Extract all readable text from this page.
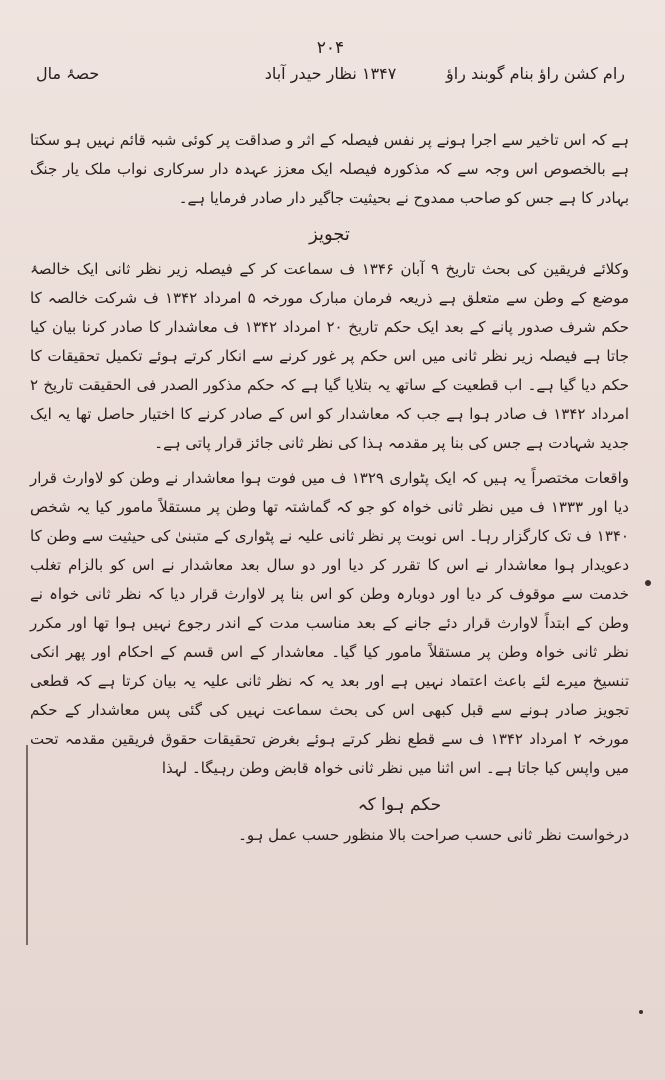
۲۰۴
حصۂ مال	۱۳۴۷ نظار حیدر آباد	رام کشن راؤ بنام گوبند راؤ

ہے کہ اس تاخیر سے اجرا ہونے پر نفس فیصلہ کے اثر و صداقت پر کوئی شبہ قائم نہیں ہو سکتا ہے بالخصوص اس وجہ سے کہ مذکورہ فیصلہ ایک معزز عہدہ دار سرکاری نواب ملک یار جنگ بہادر کا ہے جس کو صاحب ممدوح نے بحیثیت جاگیر دار صادر فرمایا ہے۔

تجویز

وکلائے فریقین کی بحث تاریخ ۹ آبان ۱۳۴۶ ف سماعت کر کے فیصلہ زیر نظر ثانی ایک خالصۂ موضع کے وطن سے متعلق ہے ذریعہ فرمان مبارک مورخہ ۵ امرداد ۱۳۴۲ ف شرکت خالصہ کا حکم شرف صدور پانے کے بعد ایک حکم تاریخ ۲۰ امرداد ۱۳۴۲ ف معاشدار کا صادر کرنا بیان کیا جاتا ہے فیصلہ زیر نظر ثانی میں اس حکم پر غور کرنے سے انکار کرتے ہوئے تکمیل تحقیقات کا حکم دیا گیا ہے۔ اب قطعیت کے ساتھ یہ بتلایا گیا ہے کہ حکم مذکور الصدر فی الحقیقت تاریخ ۲ امرداد ۱۳۴۲ ف صادر ہوا ہے جب کہ معاشدار کو اس کے صادر کرنے کا اختیار حاصل تھا یہ ایک جدید شہادت ہے جس کی بنا پر مقدمہ ہذا کی نظر ثانی جائز قرار پاتی ہے۔

واقعات مختصراً یہ ہیں کہ ایک پٹواری ۱۳۲۹ ف میں فوت ہوا معاشدار نے وطن کو لاوارث قرار دیا اور ۱۳۳۳ ف میں نظر ثانی خواہ کو جو کہ گماشتہ تھا وطن پر مستقلاً مامور کیا یہ شخص ۱۳۴۰ ف تک کارگزار رہا۔ اس نوبت پر نظر ثانی علیہ نے پٹواری کے متبنیٰ کی حیثیت سے وطن کا دعویدار ہوا معاشدار نے اس کا تقرر کر دیا اور دو سال بعد معاشدار نے اس کو بالزام تغلب خدمت سے موقوف کر دیا اور دوبارہ وطن کو اس بنا پر لاوارث قرار دیا کہ نظر ثانی خواہ نے وطن کے ابتداً لاوارث قرار دئے جانے کے بعد مناسب مدت کے اندر رجوع نہیں ہوا تھا اور مکرر نظر ثانی خواہ وطن پر مستقلاً مامور کیا گیا۔ معاشدار کے اس قسم کے احکام اور پھر انکی تنسیخ میرے لئے باعث اعتماد نہیں ہے اور بعد یہ کہ نظر ثانی علیہ یہ بیان کرتا ہے کہ قطعی تجویز صادر ہونے سے قبل کبھی اس کی بحث سماعت نہیں کی گئی پس معاشدار کے حکم مورخہ ۲ امرداد ۱۳۴۲ ف سے قطع نظر کرتے ہوئے بغرض تحقیقات حقوق فریقین مقدمہ تحت میں واپس کیا جاتا ہے۔ اس اثنا میں نظر ثانی خواہ قابض وطن رہیگا۔ لہذا

حکم ہوا کہ
درخواست نظر ثانی حسب صراحت بالا منظور حسب عمل ہو۔
